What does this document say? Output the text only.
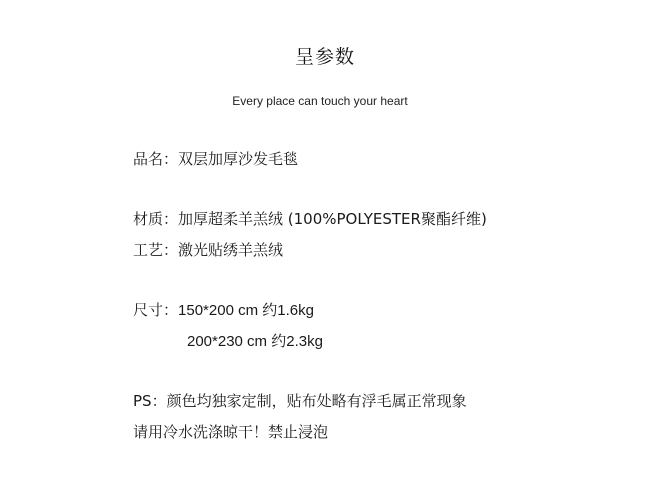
呈参数
Every place can touch your heart
品名：双层加厚沙发毛毯
材质：加厚超柔羊羔绒 (100%POLYESTER聚酯纤维)
工艺：激光贴绣羊羔绒
尺寸：150*200 cm 约1.6kg
200*230 cm 约2.3kg
PS：颜色均独家定制，贴布处略有浮毛属正常现象
请用冷水洗涤晾干！禁止浸泡
